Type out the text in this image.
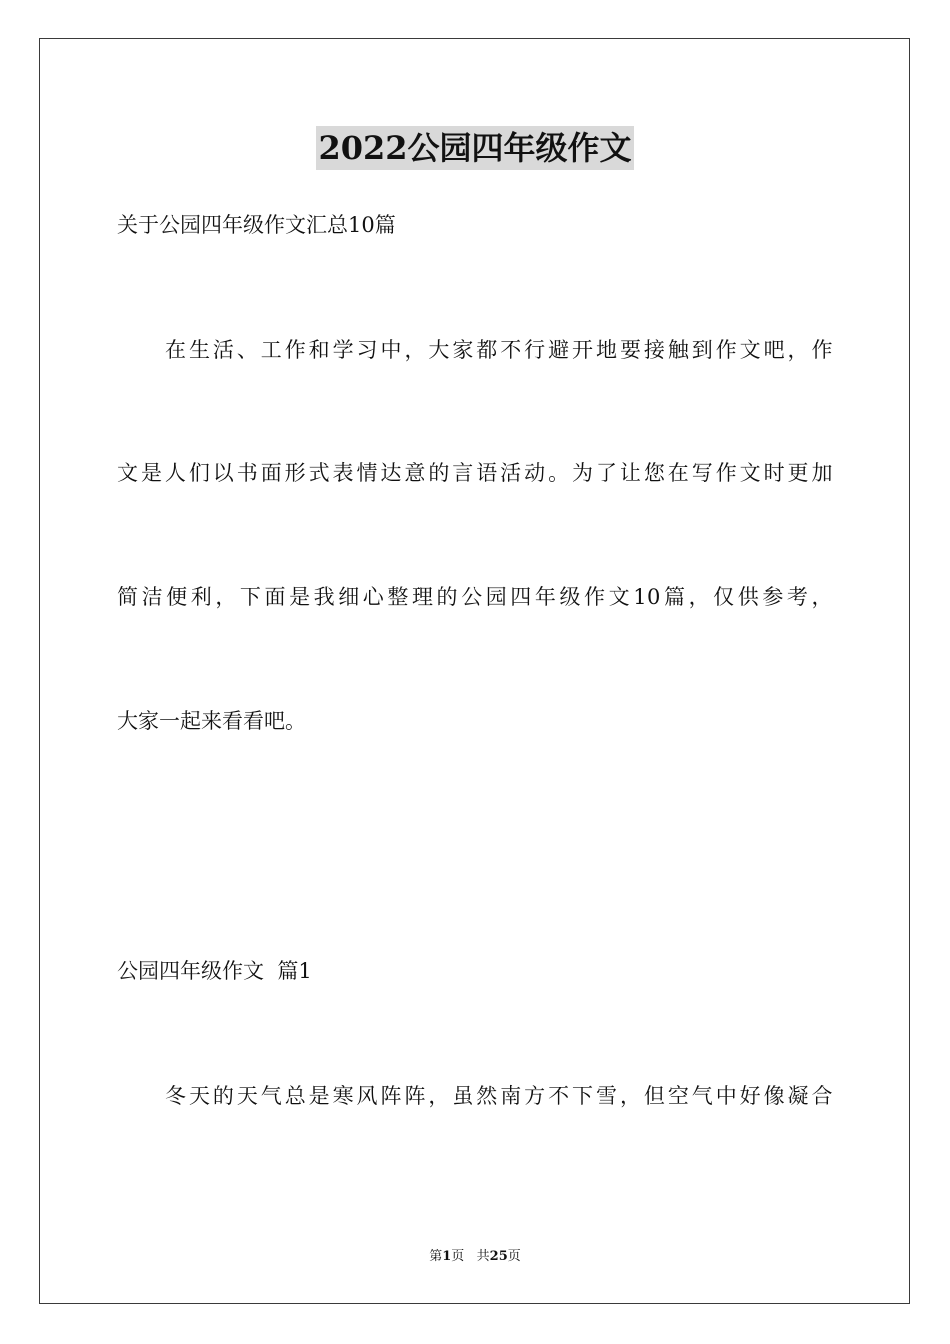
2022公园四年级作文
关于公园四年级作文汇总10篇
在生活、工作和学习中，大家都不行避开地要接触到作文吧，作
文是人们以书面形式表情达意的言语活动。为了让您在写作文时更加
简洁便利，下面是我细心整理的公园四年级作文10篇，仅供参考，
大家一起来看看吧。
公园四年级作文  篇1
冬天的天气总是寒风阵阵，虽然南方不下雪，但空气中好像凝合
第1页   共25页
